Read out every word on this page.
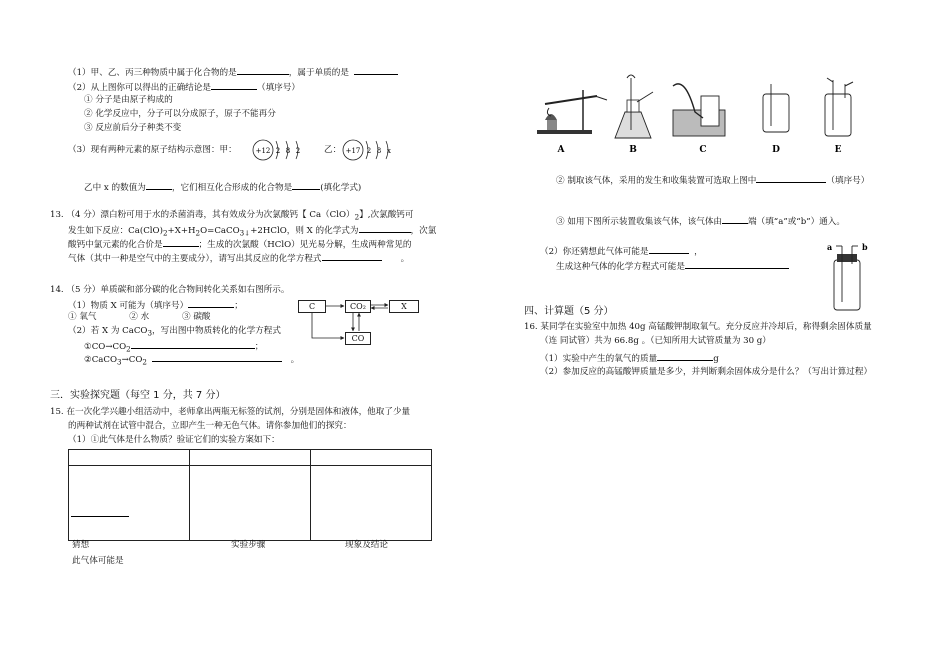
（1）甲、乙、丙三种物质中属于化合物的是	，属于单质的是
（2）从上图你可以得出的正确结论是	（填序号）
① 分子是由原子构成的
② 化学反应中，分子可以分成原子，原子不能再分
③ 反应前后分子种类不变
（3）现有两种元素的原子结构示意图：甲：	+12 2 8 2	乙： +17 2 8 x
乙中 x 的数值为	，它们相互化合形成的化合物是	(填化学式)
13. （4 分）漂白粉可用于水的杀菌消毒，其有效成分为次氯酸钙【 $Ca(ClO)_2$】,次氯酸钙可
发生如下反应：$Ca(ClO)_2+X+H_2O=CaCO_{3↓}+2HClO$，则 X 的化学式为	，次氯
酸钙中氯元素的化合价是	；生成的次氯酸（HClO）见光易分解，生成两种常见的
气体（其中一种是空气中的主要成分），请写出其反应的化学方程式	。
14. （5 分）单质碳和部分碳的化合物间转化关系如右图所示。
（1）物质 X 可能为（填序号）	；
① 氧气	② 水	③ 碳酸
（2）若 X 为 CaCO$_3$，写出图中物质转化的化学方程式
$①CO\to CO_2$	；
$②CaCO_3\to CO_2$	。
C	CO₂	X
CO
三．实验探究题（每空 1 分，共 7 分）
15. 在一次化学兴趣小组活动中，老师拿出两瓶无标签的试剂，分别是固体和液体，他取了少量
的两种试剂在试管中混合，立即产生一种无色气体。请你参加他们的探究：
（1）①此气体是什么物质？验证它们的实验方案如下：
猜想	实验步骤	现象及结论
此气体可能是
A	B	C	D	E
② 制取该气体，采用的发生和收集装置可选取上图中	（填序号）
③ 如用下图所示装置收集该气体，该气体由	端（填“a”或“b”）通入。
（2）你还猜想此气体可能是	，
生成这种气体的化学方程式可能是
a	b
四、计算题（5 分）
16. 某同学在实验室中加热 40g 高锰酸钾制取氧气。充分反应并冷却后，称得剩余固体质量
（连 同试管）共为 66.8g 。（已知所用大试管质量为 30 g）
（1）实验中产生的氧气的质量	g
（2）参加反应的高锰酸钾质量是多少，并判断剩余固体成分是什么？（写出计算过程）
